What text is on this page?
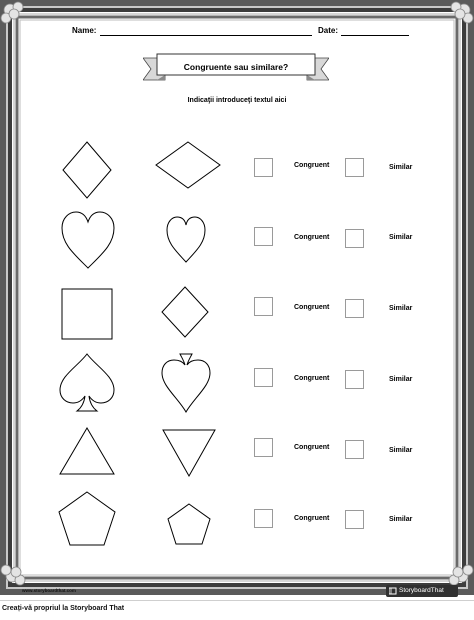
Name:	Date:
Congruente sau similare?
Indicaţii introduceţi textul aici
Congruent	Similar
Congruent	Similar
Congruent	Similar
Congruent	Similar
Congruent	Similar
Congruent	Similar
www.storyboardthat.com	StoryboardThat
Creați-vă propriul la Storyboard That
